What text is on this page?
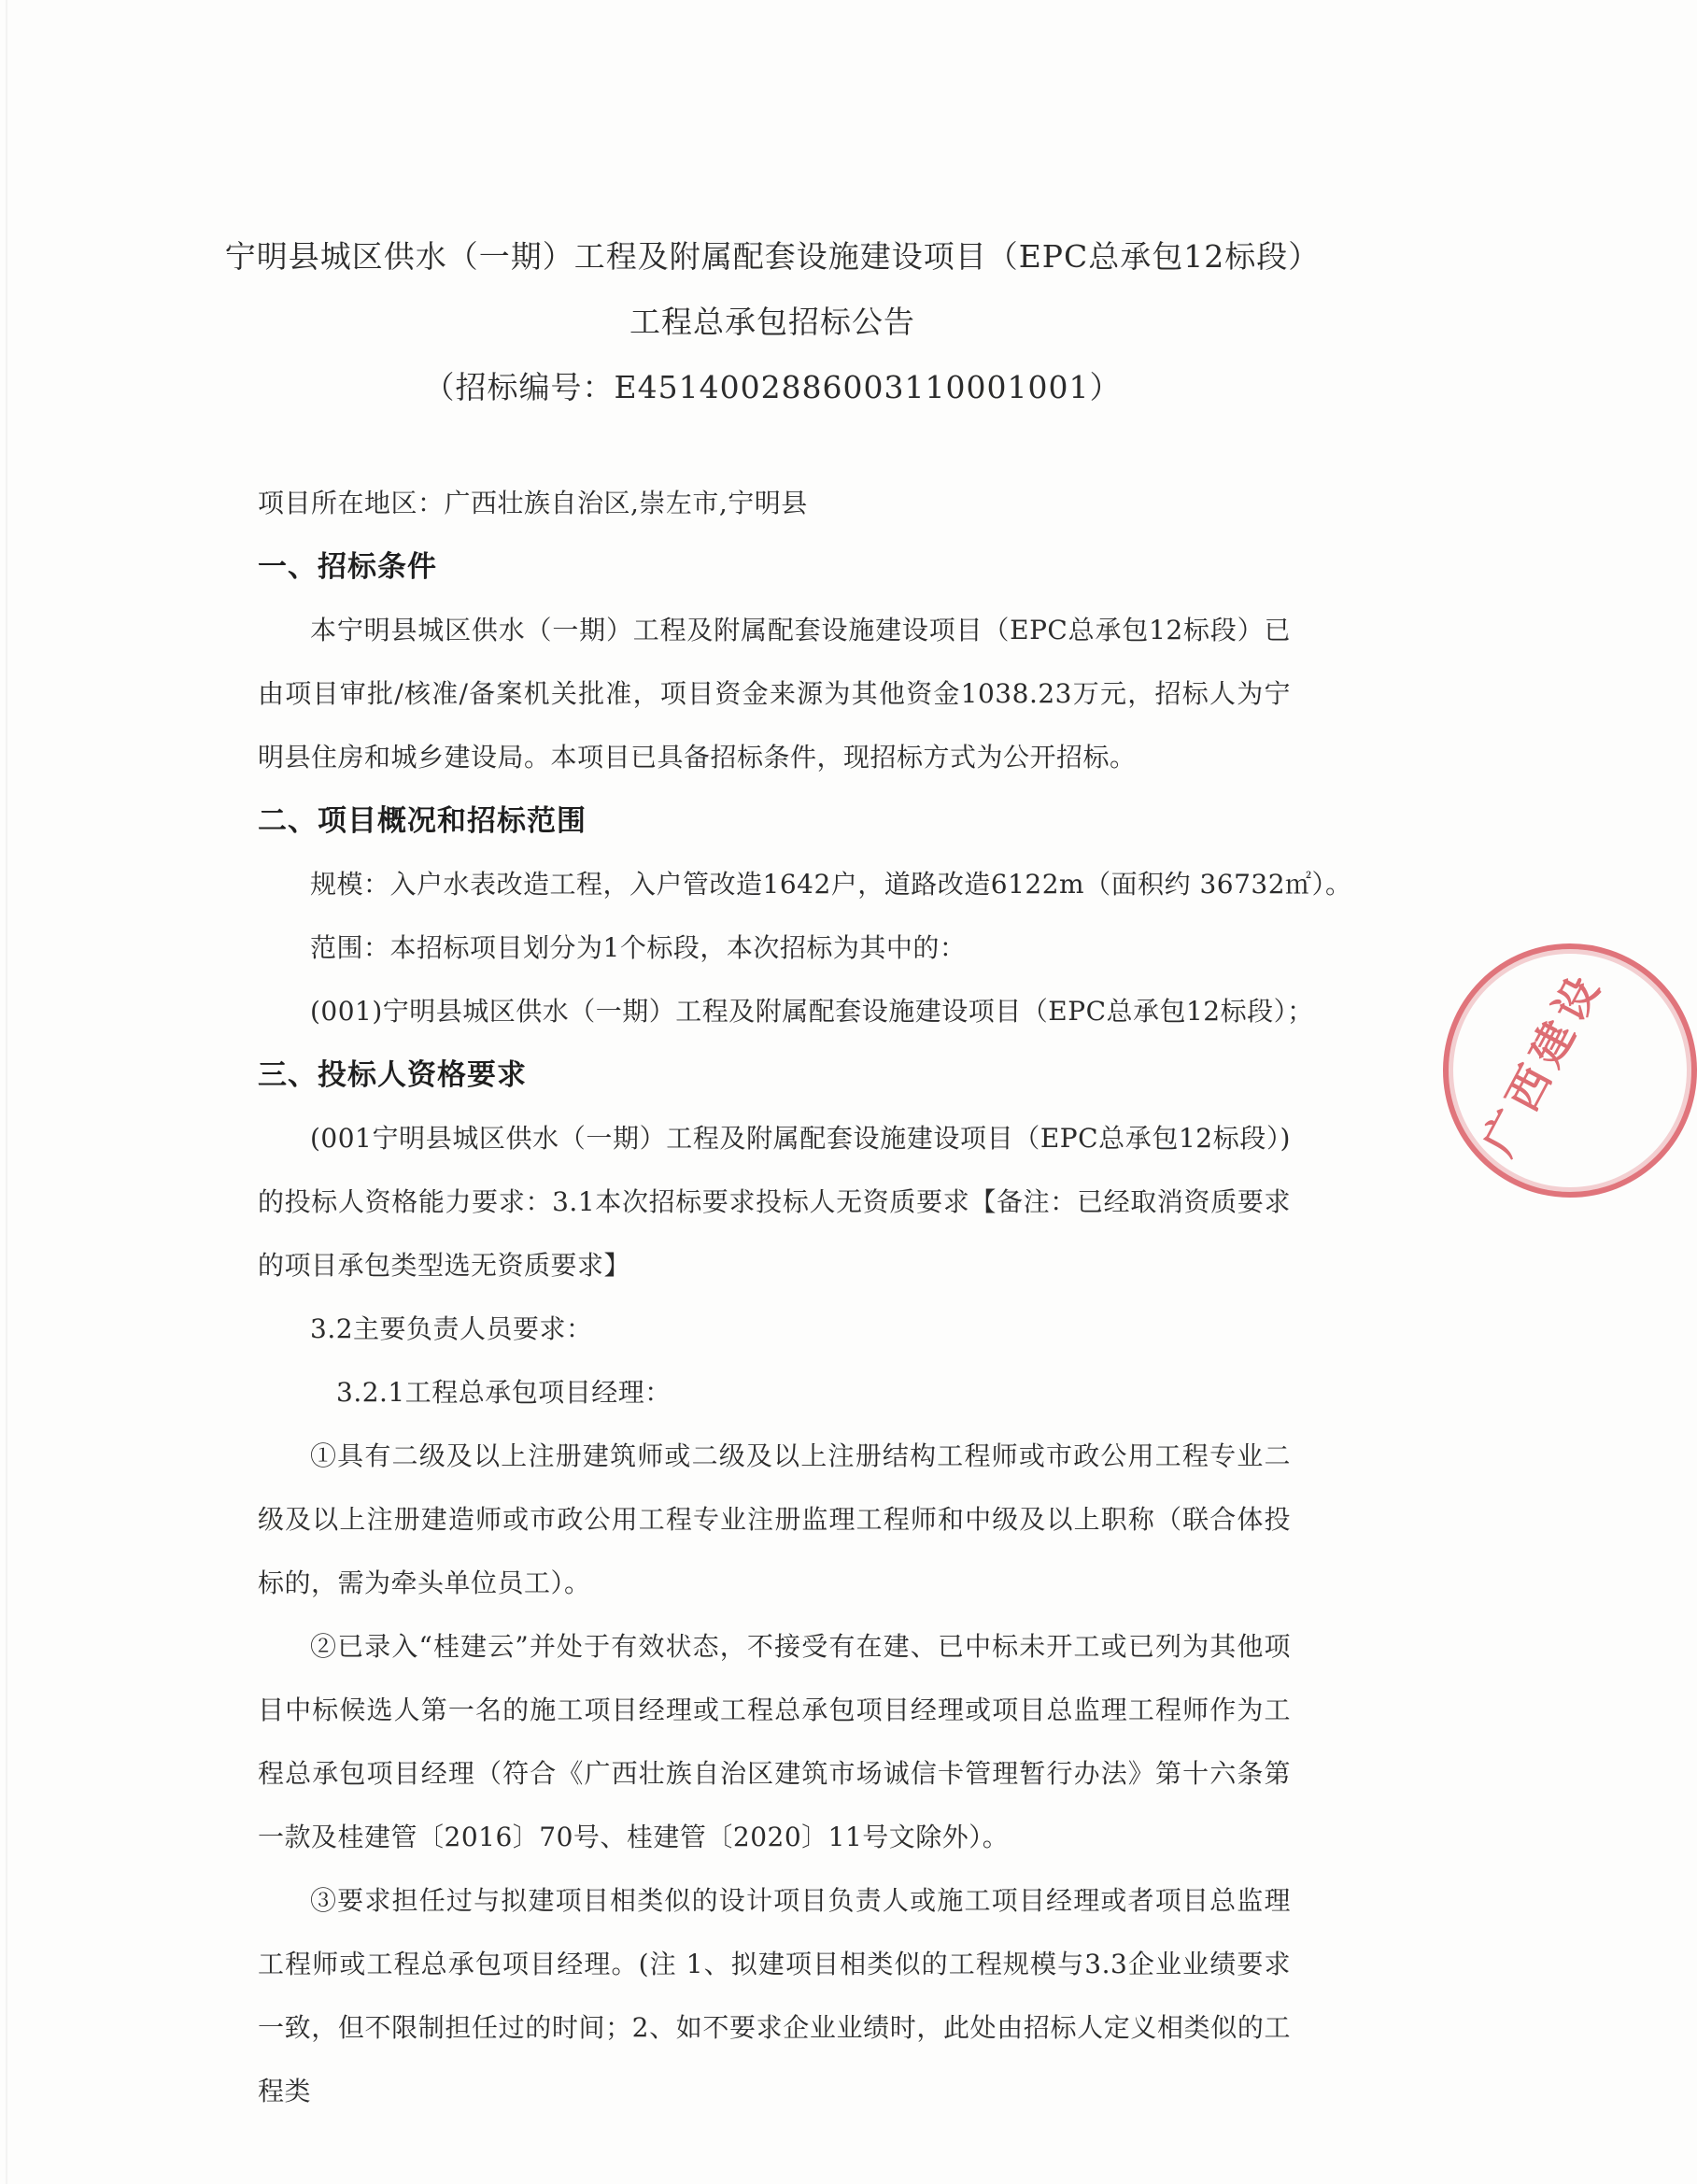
宁明县城区供水（一期）工程及附属配套设施建设项目（EPC总承包12标段）
工程总承包招标公告
（招标编号：E4514002886003110001001）
项目所在地区：广西壮族自治区,崇左市,宁明县
一、招标条件
本宁明县城区供水（一期）工程及附属配套设施建设项目（EPC总承包12标段）已由项目审批/核准/备案机关批准，项目资金来源为其他资金1038.23万元，招标人为宁明县住房和城乡建设局。本项目已具备招标条件，现招标方式为公开招标。
二、项目概况和招标范围
规模：入户水表改造工程，入户管改造1642户，道路改造6122m（面积约 36732㎡）。
范围：本招标项目划分为1个标段，本次招标为其中的：
(001)宁明县城区供水（一期）工程及附属配套设施建设项目（EPC总承包12标段）；
三、投标人资格要求
(001宁明县城区供水（一期）工程及附属配套设施建设项目（EPC总承包12标段）)的投标人资格能力要求：3.1本次招标要求投标人无资质要求【备注：已经取消资质要求的项目承包类型选无资质要求】
3.2主要负责人员要求：
3.2.1工程总承包项目经理：
①具有二级及以上注册建筑师或二级及以上注册结构工程师或市政公用工程专业二级及以上注册建造师或市政公用工程专业注册监理工程师和中级及以上职称（联合体投标的，需为牵头单位员工）。
②已录入“桂建云”并处于有效状态，不接受有在建、已中标未开工或已列为其他项目中标候选人第一名的施工项目经理或工程总承包项目经理或项目总监理工程师作为工程总承包项目经理（符合《广西壮族自治区建筑市场诚信卡管理暂行办法》第十六条第一款及桂建管〔2016〕70号、桂建管〔2020〕11号文除外）。
③要求担任过与拟建项目相类似的设计项目负责人或施工项目经理或者项目总监理工程师或工程总承包项目经理。(注 1、拟建项目相类似的工程规模与3.3企业业绩要求一致，但不限制担任过的时间；2、如不要求企业业绩时，此处由招标人定义相类似的工程类
广西建设
